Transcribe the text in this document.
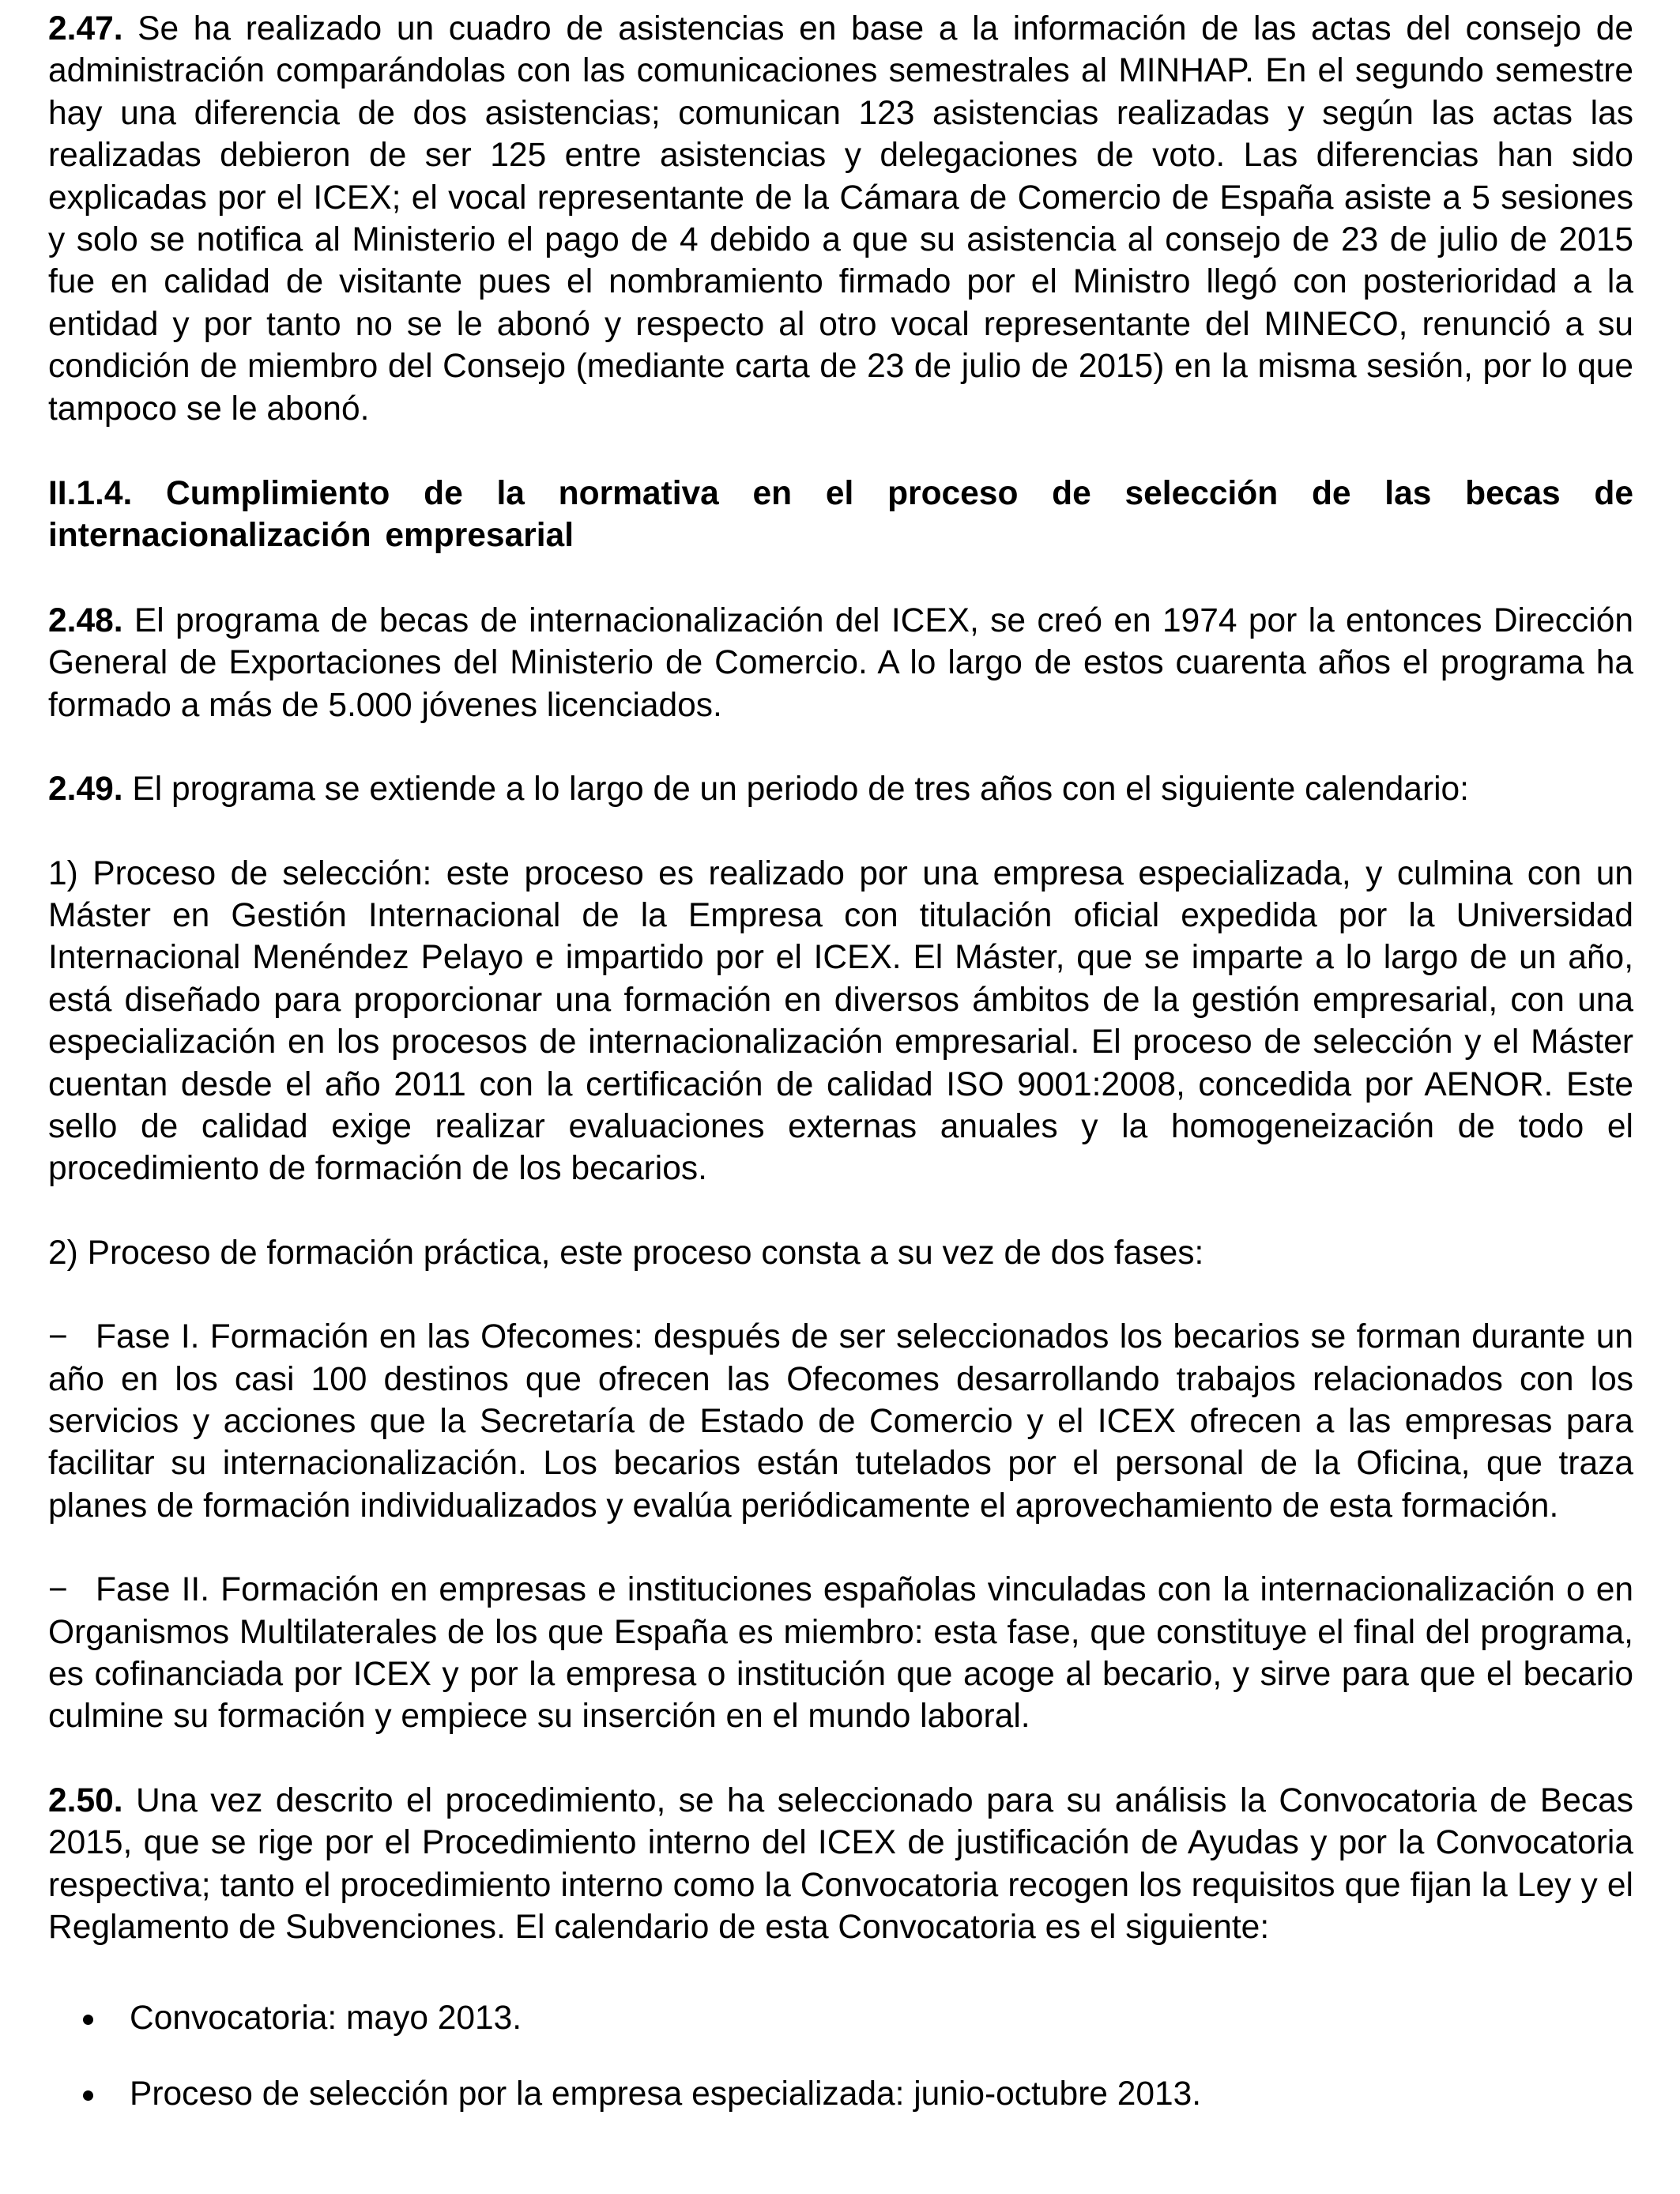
2.47. Se ha realizado un cuadro de asistencias en base a la información de las actas del consejo de administración comparándolas con las comunicaciones semestrales al MINHAP. En el segundo semestre hay una diferencia de dos asistencias; comunican 123 asistencias realizadas y según las actas las realizadas debieron de ser 125 entre asistencias y delegaciones de voto. Las diferencias han sido explicadas por el ICEX; el vocal representante de la Cámara de Comercio de España asiste a 5 sesiones y solo se notifica al Ministerio el pago de 4 debido a que su asistencia al consejo de 23 de julio de 2015 fue en calidad de visitante pues el nombramiento firmado por el Ministro llegó con posterioridad a la entidad y por tanto no se le abonó y respecto al otro vocal representante del MINECO, renunció a su condición de miembro del Consejo (mediante carta de 23 de julio de 2015) en la misma sesión, por lo que tampoco se le abonó.

II.1.4. Cumplimiento de la normativa en el proceso de selección de las becas de internacionalización empresarial

2.48. El programa de becas de internacionalización del ICEX, se creó en 1974 por la entonces Dirección General de Exportaciones del Ministerio de Comercio. A lo largo de estos cuarenta años el programa ha formado a más de 5.000 jóvenes licenciados.

2.49. El programa se extiende a lo largo de un periodo de tres años con el siguiente calendario:

1) Proceso de selección: este proceso es realizado por una empresa especializada, y culmina con un Máster en Gestión Internacional de la Empresa con titulación oficial expedida por la Universidad Internacional Menéndez Pelayo e impartido por el ICEX. El Máster, que se imparte a lo largo de un año, está diseñado para proporcionar una formación en diversos ámbitos de la gestión empresarial, con una especialización en los procesos de internacionalización empresarial. El proceso de selección y el Máster cuentan desde el año 2011 con la certificación de calidad ISO 9001:2008, concedida por AENOR. Este sello de calidad exige realizar evaluaciones externas anuales y la homogeneización de todo el procedimiento de formación de los becarios.

2) Proceso de formación práctica, este proceso consta a su vez de dos fases:

− Fase I. Formación en las Ofecomes: después de ser seleccionados los becarios se forman durante un año en los casi 100 destinos que ofrecen las Ofecomes desarrollando trabajos relacionados con los servicios y acciones que la Secretaría de Estado de Comercio y el ICEX ofrecen a las empresas para facilitar su internacionalización. Los becarios están tutelados por el personal de la Oficina, que traza planes de formación individualizados y evalúa periódicamente el aprovechamiento de esta formación.

− Fase II. Formación en empresas e instituciones españolas vinculadas con la internacionalización o en Organismos Multilaterales de los que España es miembro: esta fase, que constituye el final del programa, es cofinanciada por ICEX y por la empresa o institución que acoge al becario, y sirve para que el becario culmine su formación y empiece su inserción en el mundo laboral.

2.50. Una vez descrito el procedimiento, se ha seleccionado para su análisis la Convocatoria de Becas 2015, que se rige por el Procedimiento interno del ICEX de justificación de Ayudas y por la Convocatoria respectiva; tanto el procedimiento interno como la Convocatoria recogen los requisitos que fijan la Ley y el Reglamento de Subvenciones. El calendario de esta Convocatoria es el siguiente:

Convocatoria: mayo 2013.
Proceso de selección por la empresa especializada: junio-octubre 2013.
